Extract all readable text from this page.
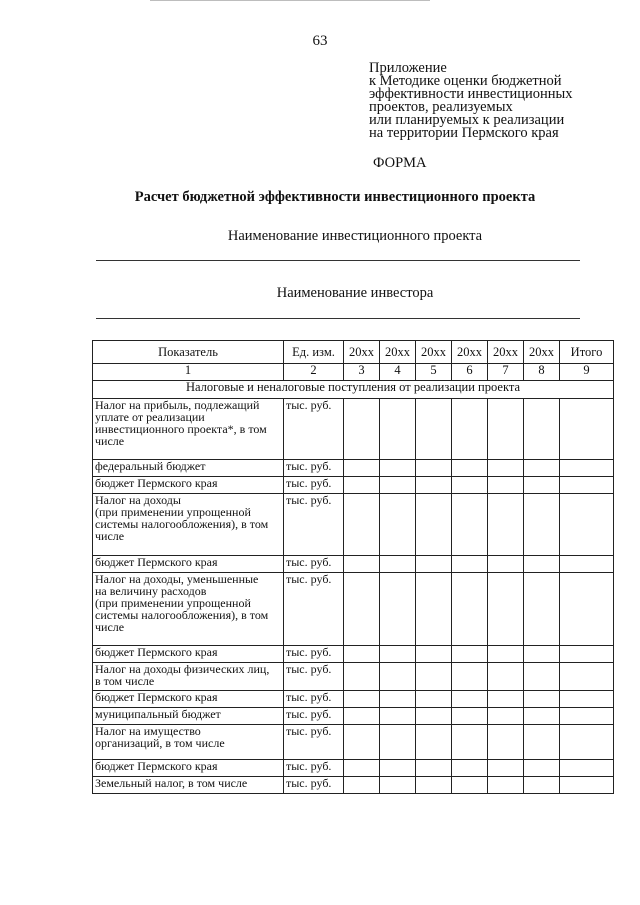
63
Приложение
к Методике оценки бюджетной
эффективности инвестиционных
проектов, реализуемых
или планируемых к реализации
на территории Пермского края
ФОРМА
Расчет бюджетной эффективности инвестиционного проекта
Наименование инвестиционного проекта
Наименование инвестора
Показатель	Ед. изм.	20хх	20хх	20хх	20хх	20хх	20хх	Итого
1	2	3	4	5	6	7	8	9
Налоговые и неналоговые поступления от реализации проекта								

Налог на прибыль, подлежащий
уплате от реализации
инвестиционного проекта*, в том
числе	тыс. руб.							

федеральный бюджет	тыс. руб.							

бюджет Пермского края	тыс. руб.							

Налог на доходы
(при применении упрощенной
системы налогообложения), в том
числе	тыс. руб.							

бюджет Пермского края	тыс. руб.							

Налог на доходы, уменьшенные
на величину расходов
(при применении упрощенной
системы налогообложения), в том
числе	тыс. руб.							

бюджет Пермского края	тыс. руб.							

Налог на доходы физических лиц,
в том числе	тыс. руб.							

бюджет Пермского края	тыс. руб.							

муниципальный бюджет	тыс. руб.							

Налог на имущество
организаций, в том числе	тыс. руб.							

бюджет Пермского края	тыс. руб.							

Земельный налог, в том числе	тыс. руб.							
